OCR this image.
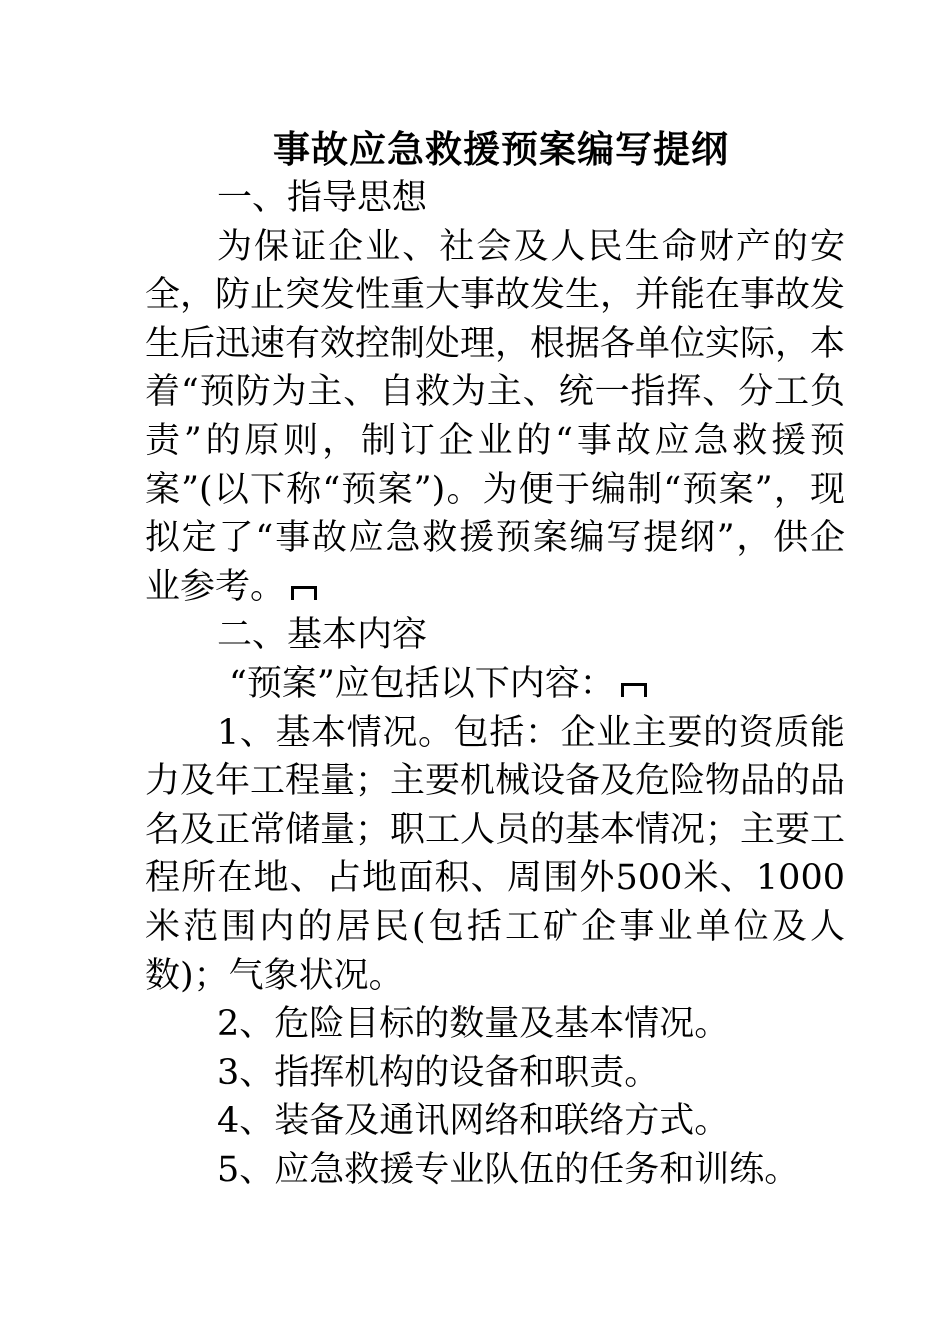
事故应急救援预案编写提纲

一、指导思想

为保证企业、社会及人民生命财产的安全，防止突发性重大事故发生，并能在事故发生后迅速有效控制处理，根据各单位实际，本着“预防为主、自救为主、统一指挥、分工负责”的原则，制订企业的“事故应急救援预案”(以下称“预案”)。为便于编制“预案”，现拟定了“事故应急救援预案编写提纲”，供企业参考。

二、基本内容

“预案”应包括以下内容：

1、基本情况。包括：企业主要的资质能力及年工程量；主要机械设备及危险物品的品名及正常储量；职工人员的基本情况；主要工程所在地、占地面积、周围外500米、1000米范围内的居民(包括工矿企事业单位及人数)；气象状况。

2、危险目标的数量及基本情况。

3、指挥机构的设备和职责。

4、装备及通讯网络和联络方式。

5、应急救援专业队伍的任务和训练。
